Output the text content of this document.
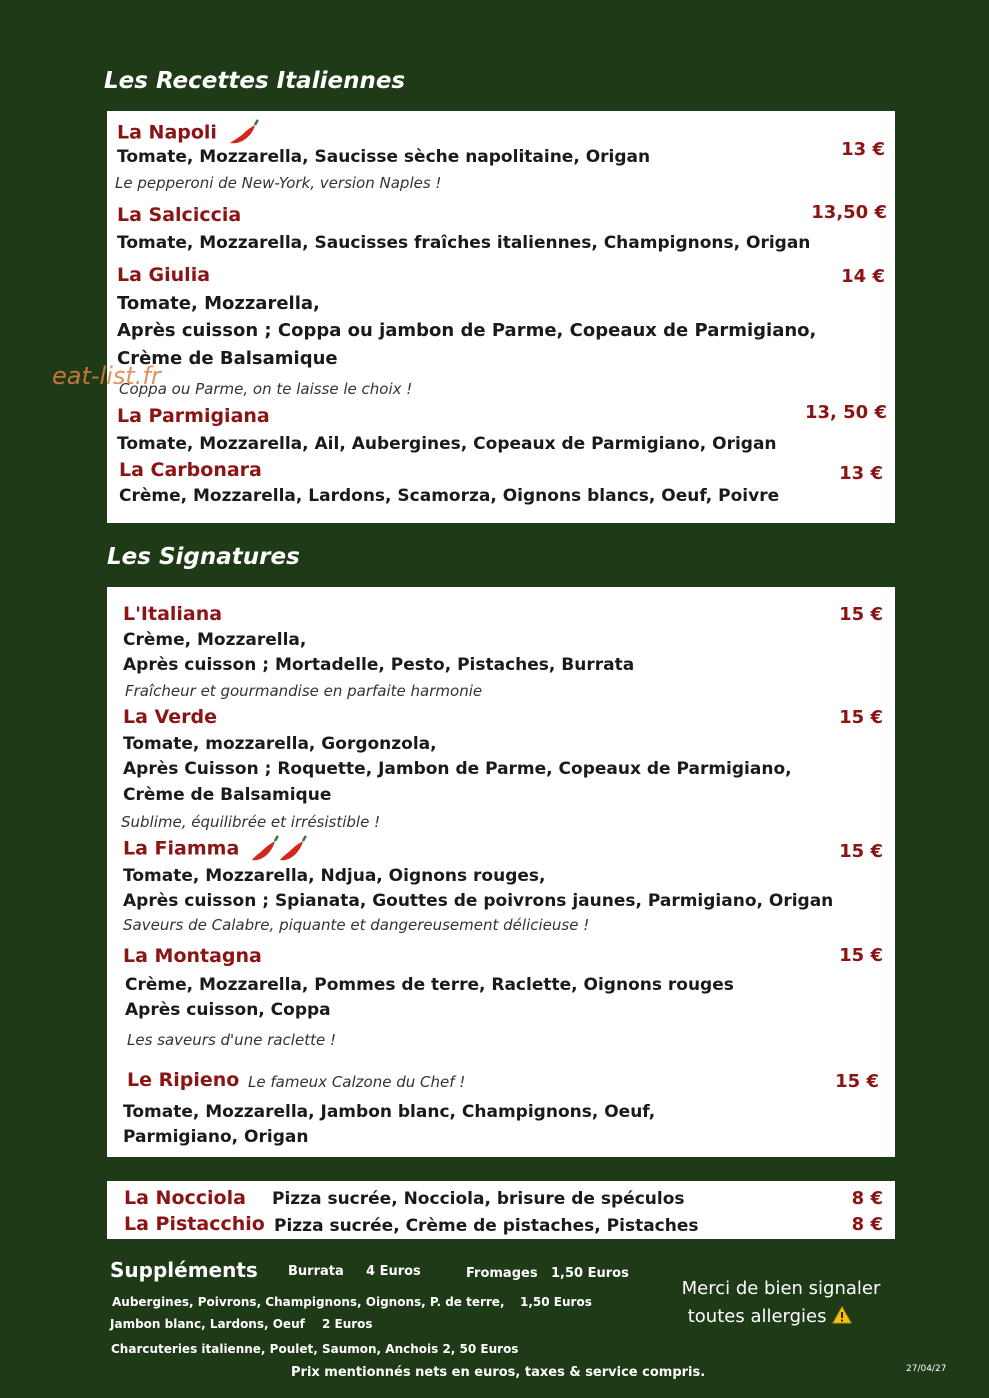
Les Recettes Italiennes
La Napoli
Tomate, Mozzarella, Saucisse sèche napolitaine, Origan
Le pepperoni de New-York, version Naples !
13 €
La Salciccia
Tomate, Mozzarella, Saucisses fraîches italiennes, Champignons, Origan
13,50 €
La Giulia
Tomate, Mozzarella,
Après cuisson ; Coppa ou jambon de Parme, Copeaux de Parmigiano,
Crème de Balsamique
Coppa ou Parme, on te laisse le choix !
14 €
La Parmigiana
Tomate, Mozzarella, Ail, Aubergines, Copeaux de Parmigiano, Origan
13, 50 €
La Carbonara
Crème, Mozzarella, Lardons, Scamorza, Oignons blancs, Oeuf, Poivre
13 €
eat-list.fr
Les Signatures
L'Italiana
Crème, Mozzarella,
Après cuisson ; Mortadelle, Pesto, Pistaches, Burrata
Fraîcheur et gourmandise en parfaite harmonie
15 €
La Verde
Tomate, mozzarella, Gorgonzola,
Après Cuisson ; Roquette, Jambon de Parme, Copeaux de Parmigiano,
Crème de Balsamique
Sublime, équilibrée et irrésistible !
15 €
La Fiamma
Tomate, Mozzarella, Ndjua, Oignons rouges,
Après cuisson ; Spianata, Gouttes de poivrons jaunes, Parmigiano, Origan
Saveurs de Calabre, piquante et dangereusement délicieuse !
15 €
La Montagna
Crème, Mozzarella, Pommes de terre, Raclette, Oignons rouges
Après cuisson, Coppa
Les saveurs d'une raclette !
15 €
Le Ripieno Le fameux Calzone du Chef !
Tomate, Mozzarella, Jambon blanc, Champignons, Oeuf,
Parmigiano, Origan
15 €
La Nocciola Pizza sucrée, Nocciola, brisure de spéculos	8 €
La Pistacchio Pizza sucrée, Crème de pistaches, Pistaches	8 €
Suppléments Burrata 4 Euros	Fromages 1,50 Euros
Aubergines, Poivrons, Champignons, Oignons, P. de terre, 1,50 Euros
Jambon blanc, Lardons, Oeuf 2 Euros
Charcuteries italienne, Poulet, Saumon, Anchois 2, 50 Euros
Prix mentionnés nets en euros, taxes & service compris.	27/04/27
Merci de bien signaler
toutes allergies
